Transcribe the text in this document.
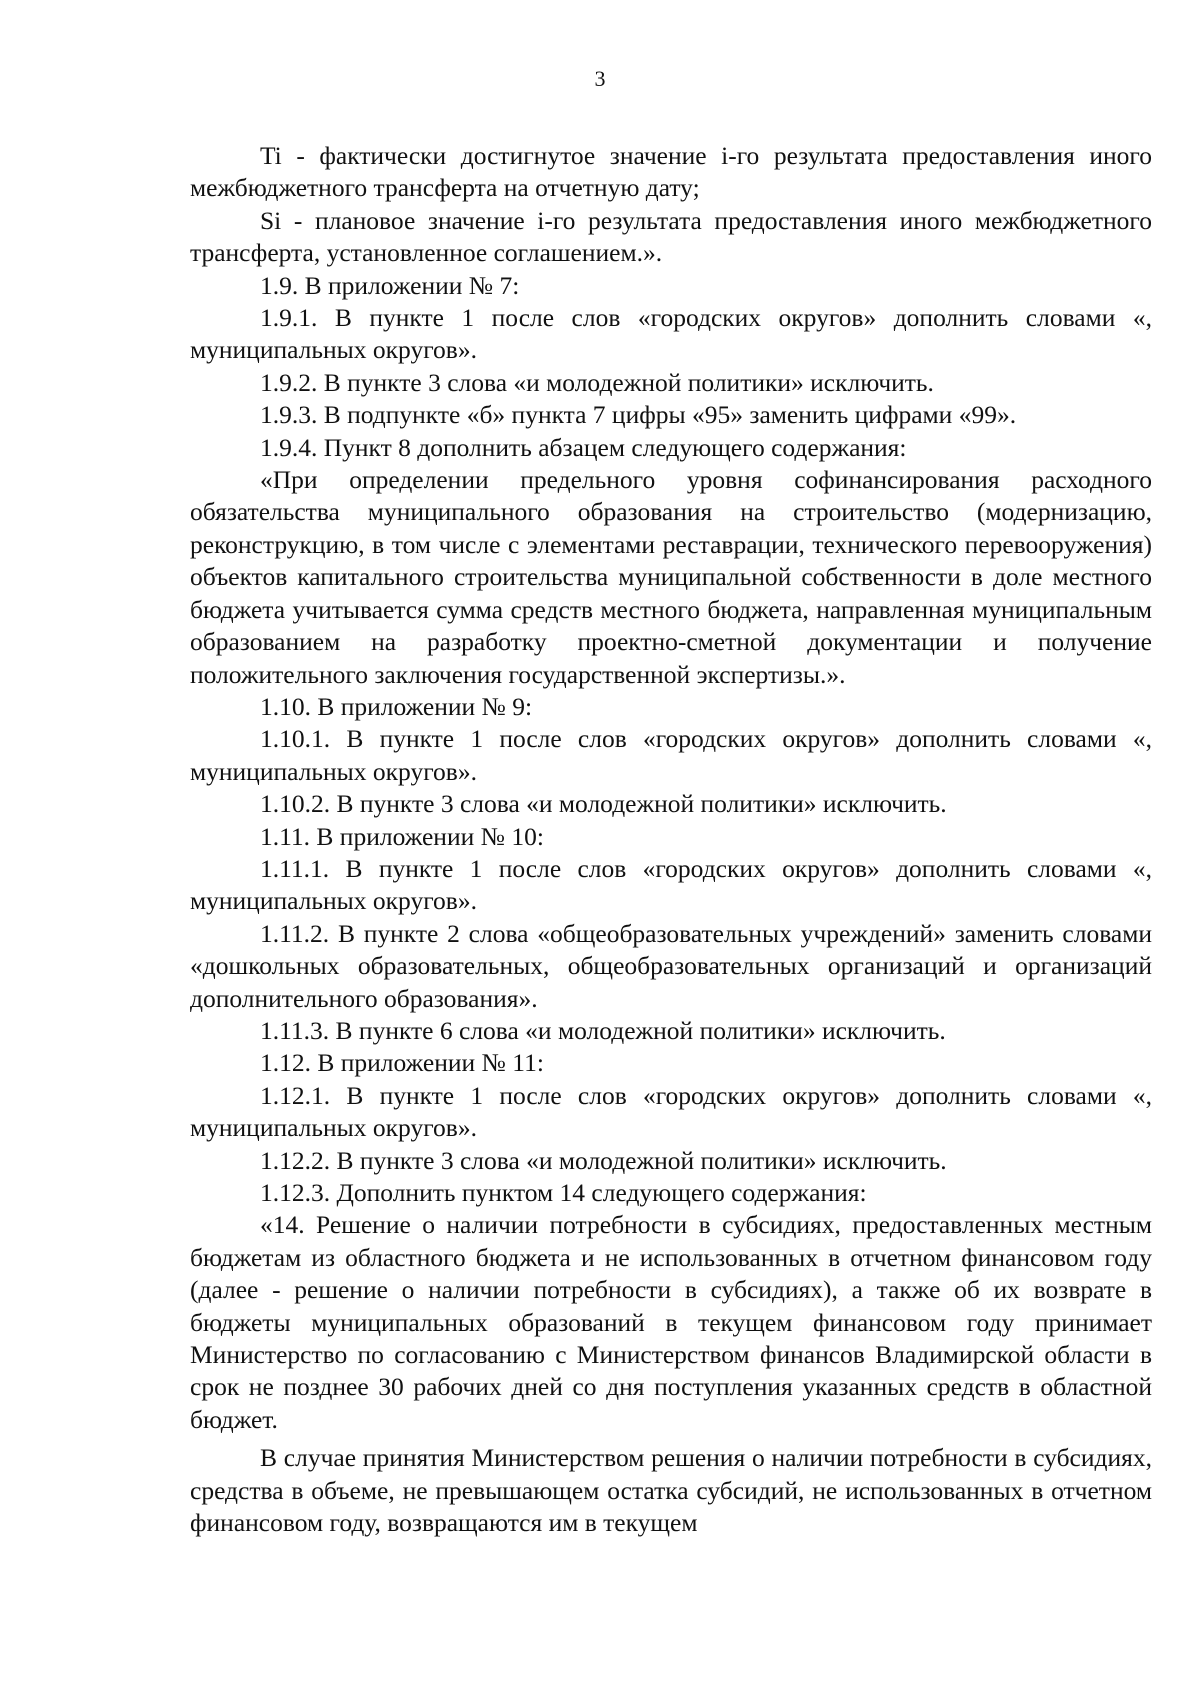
3

Ti - фактически достигнутое значение i-го результата предоставления иного межбюджетного трансферта на отчетную дату;

Si - плановое значение i-го результата предоставления иного межбюджетного трансферта, установленное соглашением.».

1.9. В приложении № 7:

1.9.1. В пункте 1 после слов «городских округов» дополнить словами «, муниципальных округов».

1.9.2. В пункте 3 слова «и молодежной политики» исключить.

1.9.3. В подпункте «б» пункта 7 цифры «95» заменить цифрами «99».

1.9.4. Пункт 8 дополнить абзацем следующего содержания:

«При определении предельного уровня софинансирования расходного обязательства муниципального образования на строительство (модернизацию, реконструкцию, в том числе с элементами реставрации, технического перевооружения) объектов капитального строительства муниципальной собственности в доле местного бюджета учитывается сумма средств местного бюджета, направленная муниципальным образованием на разработку проектно-сметной документации и получение положительного заключения государственной экспертизы.».

1.10. В приложении № 9:

1.10.1. В пункте 1 после слов «городских округов» дополнить словами «, муниципальных округов».

1.10.2. В пункте 3 слова «и молодежной политики» исключить.

1.11. В приложении № 10:

1.11.1. В пункте 1 после слов «городских округов» дополнить словами «, муниципальных округов».

1.11.2. В пункте 2 слова «общеобразовательных учреждений» заменить словами «дошкольных образовательных, общеобразовательных организаций и организаций дополнительного образования».

1.11.3. В пункте 6 слова «и молодежной политики» исключить.

1.12. В приложении № 11:

1.12.1. В пункте 1 после слов «городских округов» дополнить словами «, муниципальных округов».

1.12.2. В пункте 3 слова «и молодежной политики» исключить.

1.12.3. Дополнить пунктом 14 следующего содержания:

«14. Решение о наличии потребности в субсидиях, предоставленных местным бюджетам из областного бюджета и не использованных в отчетном финансовом году (далее - решение о наличии потребности в субсидиях), а также об их возврате в бюджеты муниципальных образований в текущем финансовом году принимает Министерство по согласованию с Министерством финансов Владимирской области в срок не позднее 30 рабочих дней со дня поступления указанных средств в областной бюджет.

В случае принятия Министерством решения о наличии потребности в субсидиях, средства в объеме, не превышающем остатка субсидий, не использованных в отчетном финансовом году, возвращаются им в текущем
